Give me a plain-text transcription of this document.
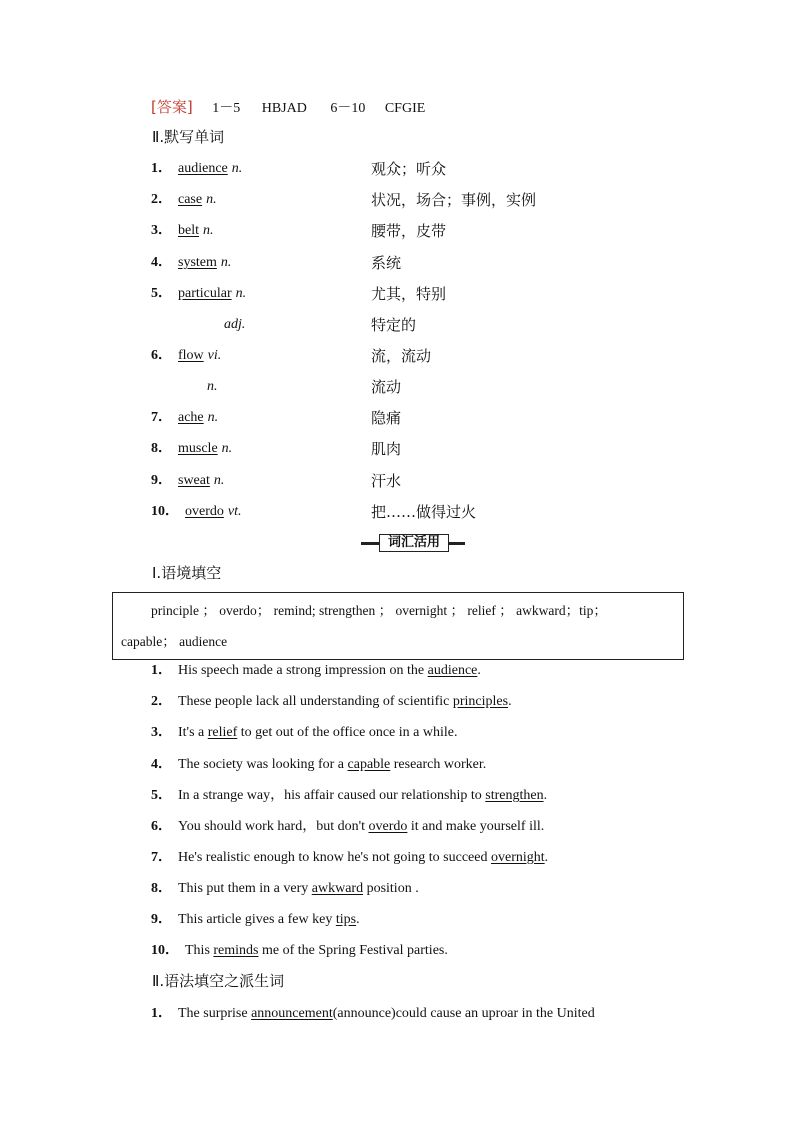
[答案] 1－5 HBJAD 6－10 CFGIE
Ⅱ.默写单词
1． audience n.	观众；听众
2． case n.	状况，场合；事例，实例
3． belt n.	腰带，皮带
4． system n.	系统
5． particular n.	尤其，特别
adj.	特定的
6． flow vi.	流，流动
n.	流动
7． ache n.	隐痛
8． muscle n.	肌肉
9． sweat n.	汗水
10． overdo vt.	把……做得过火
词汇活用
Ⅰ.语境填空
principle ； overdo； remind; strengthen ； overnight ； relief ； awkward；tip；
capable； audience
1． His speech made a strong impression on the audience.
2． These people lack all understanding of scientific principles.
3． It's a relief to get out of the office once in a while.
4． The society was looking for a capable research worker.
5． In a strange way，his affair caused our relationship to strengthen.
6． You should work hard，but don't overdo it and make yourself ill.
7． He's realistic enough to know he's not going to succeed overnight.
8． This put them in a very awkward position .
9． This article gives a few key tips.
10． This reminds me of the Spring Festival parties.
Ⅱ.语法填空之派生词
1． The surprise announcement(announce)could cause an uproar in the United
